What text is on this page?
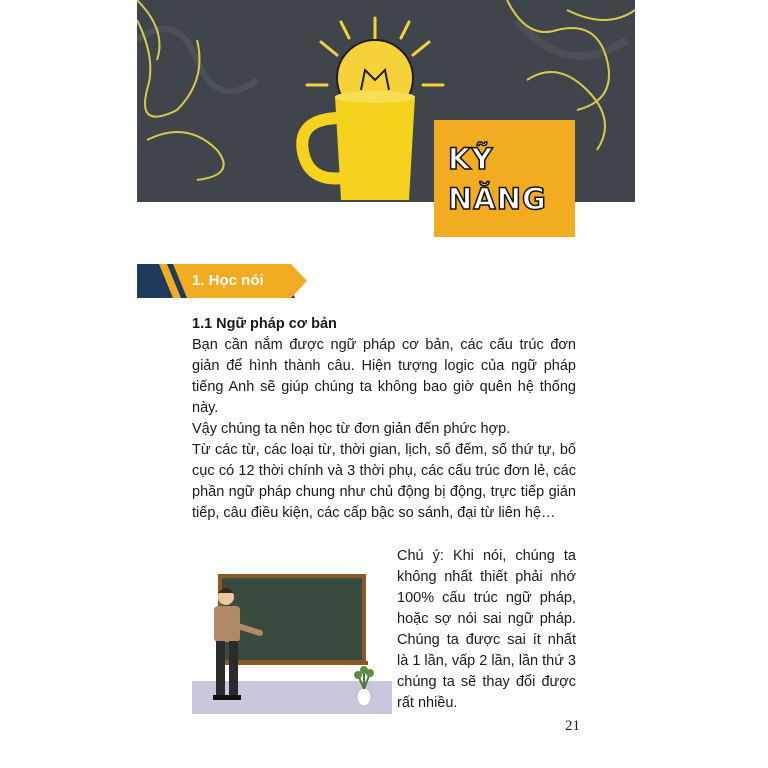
KỸ
NĂNG
1. Học nói

1.1 Ngữ pháp cơ bản

Bạn cần nắm được ngữ pháp cơ bản, các cấu trúc đơn giản để hình thành câu. Hiện tượng logic của ngữ pháp tiếng Anh sẽ giúp chúng ta không bao giờ quên hệ thống này.

Vậy chúng ta nên học từ đơn giản đến phức hợp.

Từ các từ, các loại từ, thời gian, lịch, số đếm, số thứ tự, bố cục có 12 thời chính và 3 thời phụ, các cấu trúc đơn lẻ, các phần ngữ pháp chung như chủ động bị động, trực tiếp gián tiếp, câu điều kiện, các cấp bậc so sánh, đại từ liên hệ…

Chú ý: Khi nói, chúng ta không nhất thiết phải nhớ 100% cấu trúc ngữ pháp, hoặc sợ nói sai ngữ pháp. Chúng ta được sai ít nhất là 1 lần, vấp 2 lần, lần thứ 3 chúng ta sẽ thay đổi được rất nhiều.
21
